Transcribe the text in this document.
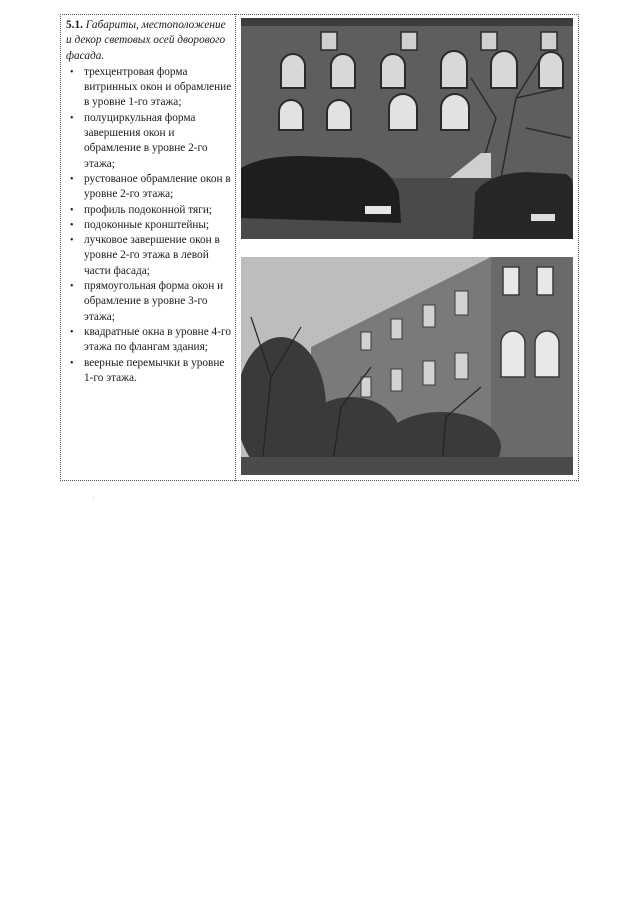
5.1. Габариты, местоположение и декор световых осей дворового фасада.

• трехцентровая форма витринных окон и обрамление в уровне 1-го этажа;
• полуциркульная форма завершения окон и обрамление в уровне 2-го этажа;
• рустованое обрамление окон в уровне 2-го этажа;
• профиль подоконной тяги;
• подоконные кронштейны;
• лучковое завершение окон в уровне 2-го этажа в левой части фасада;
• прямоугольная форма окон и обрамление в уровне 3-го этажа;
• квадратные окна в уровне 4-го этажа по флангам здания;
• веерные перемычки в уровне 1-го этажа.
